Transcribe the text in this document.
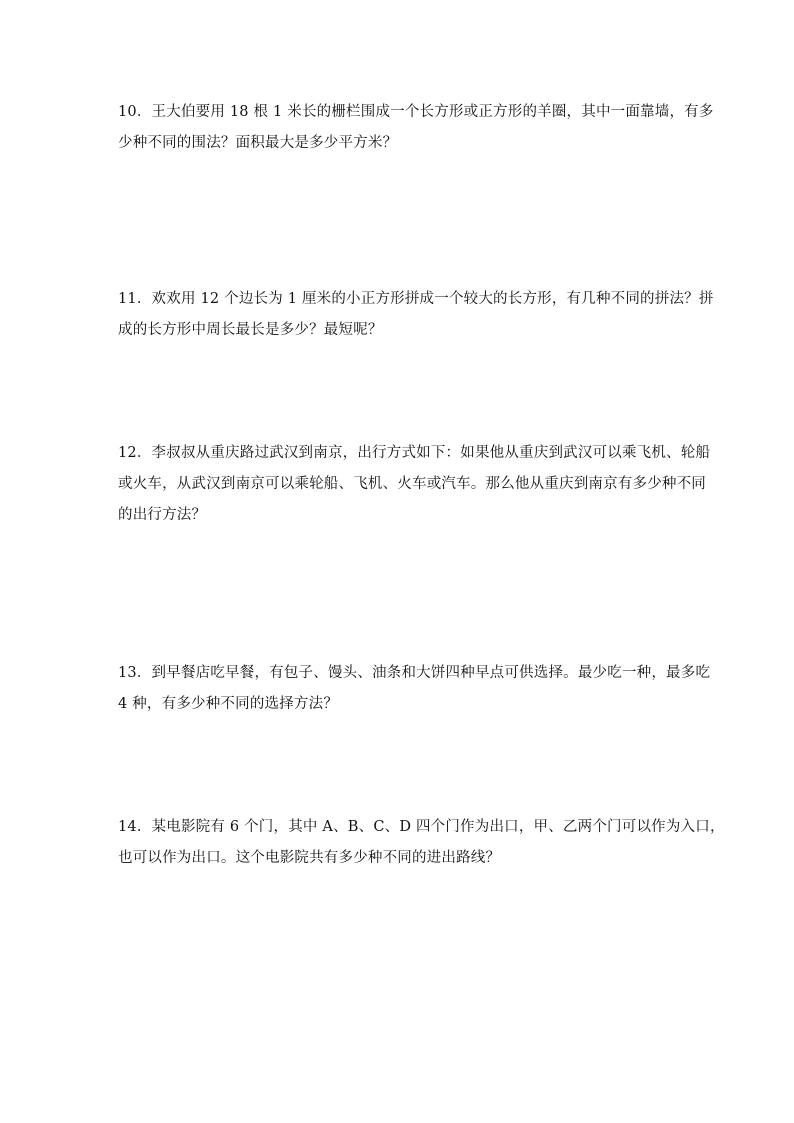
10．王大伯要用 18 根 1 米长的栅栏围成一个长方形或正方形的羊圈，其中一面靠墙，有多
少种不同的围法？面积最大是多少平方米？
11．欢欢用 12 个边长为 1 厘米的小正方形拼成一个较大的长方形，有几种不同的拼法？拼
成的长方形中周长最长是多少？最短呢？
12．李叔叔从重庆路过武汉到南京，出行方式如下：如果他从重庆到武汉可以乘飞机、轮船
或火车，从武汉到南京可以乘轮船、飞机、火车或汽车。那么他从重庆到南京有多少种不同
的出行方法？
13．到早餐店吃早餐，有包子、馒头、油条和大饼四种早点可供选择。最少吃一种，最多吃
4 种，有多少种不同的选择方法？
14．某电影院有 6 个门，其中 A、B、C、D 四个门作为出口，甲、乙两个门可以作为入口，
也可以作为出口。这个电影院共有多少种不同的进出路线？
